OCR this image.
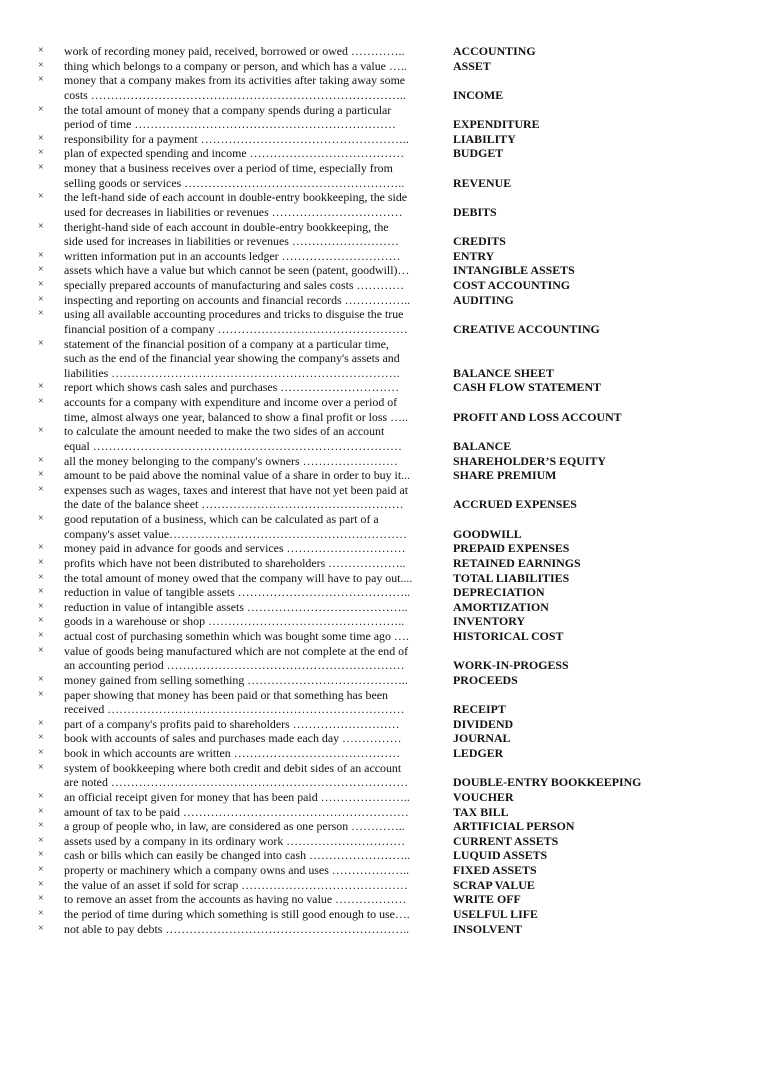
×	work of recording money paid, received, borrowed or owed …………..	ACCOUNTING
×	thing which belongs to a company or person, and which has a value …..	ASSET
×	money that a company makes from its activities after taking away some
costs ……………………………………………………………………..	INCOME
×	the total amount of money that a company spends during a particular
period of time …………………………………………………………	EXPENDITURE
×	responsibility for a payment ……………………………………………..	LIABILITY
×	plan of expected spending and income …………………………………	BUDGET
×	money that a business receives over a period of time, especially from
selling goods or services ………………………………………………..	REVENUE
×	the left-hand side of each account in double-entry bookkeeping, the side
used for decreases in liabilities or revenues ……………………………	DEBITS
×	theright-hand side of each account in double-entry bookkeeping, the
side used for increases in liabilities or revenues ………………………	CREDITS
×	written information put in an accounts ledger …………………………	ENTRY
×	assets which have a value but which cannot be seen (patent, goodwill)…	INTANGIBLE ASSETS
×	specially prepared accounts of manufacturing and sales costs …………	COST ACCOUNTING
×	inspecting and reporting on accounts and financial records ……………..	AUDITING
×	using all available accounting procedures and tricks to disguise the true
financial position of a company …………………………………………	CREATIVE ACCOUNTING
×	statement of the financial position of a company at a particular time,
such as the end of the financial year showing the company's assets and
liabilities ……………………………………………………………….	BALANCE SHEET
×	report which shows cash sales and purchases …………………………	CASH FLOW STATEMENT
×	accounts for a company with expenditure and income over a period of
time, almost always one year, balanced to show a final profit or loss …..	PROFIT AND LOSS ACCOUNT
×	to calculate the amount needed to make the two sides of an account
equal ……………………………………………………………………	BALANCE
×	all the money belonging to the company's owners ……………………	SHAREHOLDER’S EQUITY
×	amount to be paid above the nominal value of a share in order to buy it...	SHARE PREMIUM
×	expenses such as wages, taxes and interest that have not yet been paid at
the date of the balance sheet ……………………………………………	ACCRUED EXPENSES
×	good reputation of a business, which can be calculated as part of a
company's asset value……………………………………………………	GOODWILL
×	money paid in advance for goods and services …………………………	PREPAID EXPENSES
×	profits which have not been distributed to shareholders ………………..	RETAINED EARNINGS
×	the total amount of money owed that the company will have to pay out....	TOTAL LIABILITIES
×	reduction in value of tangible assets ……………………………………..	DEPRECIATION
×	reduction in value of intangible assets …………………………………..	AMORTIZATION
×	goods in a warehouse or shop …………………………………………..	INVENTORY
×	actual cost of purchasing somethin which was bought some time ago ….	HISTORICAL COST
×	value of goods being manufactured which are not complete at the end of
an accounting period ……………………………………………………	WORK-IN-PROGESS
×	money gained from selling something …………………………………..	PROCEEDS
×	paper showing that money has been paid or that something has been
received …………………………………………………………………	RECEIPT
×	part of a company's profits paid to shareholders ………………………	DIVIDEND
×	book with accounts of sales and purchases made each day ……………	JOURNAL
×	book in which accounts are written ……………………………………	LEDGER
×	system of bookkeeping where both credit and debit sides of an account
are noted …………………………………………………………………	DOUBLE-ENTRY BOOKKEEPING
×	an official receipt given for money that has been paid …………………..	VOUCHER
×	amount of tax to be paid …………………………………………………	TAX BILL
×	a group of people who, in law, are considered as one person …………..	ARTIFICIAL PERSON
×	assets used by a company in its ordinary work …………………………	CURRENT ASSETS
×	cash or bills which can easily be changed into cash ……………………..	LUQUID ASSETS
×	property or machinery which a company owns and uses ………………..	FIXED ASSETS
×	the value of an asset if sold for scrap ……………………………………	SCRAP VALUE
×	to remove an asset from the accounts as having no value ………………	WRITE OFF
×	the period of time during which something is still good enough to use….	USELFUL LIFE
×	not able to pay debts ……………………………………………………..	INSOLVENT
